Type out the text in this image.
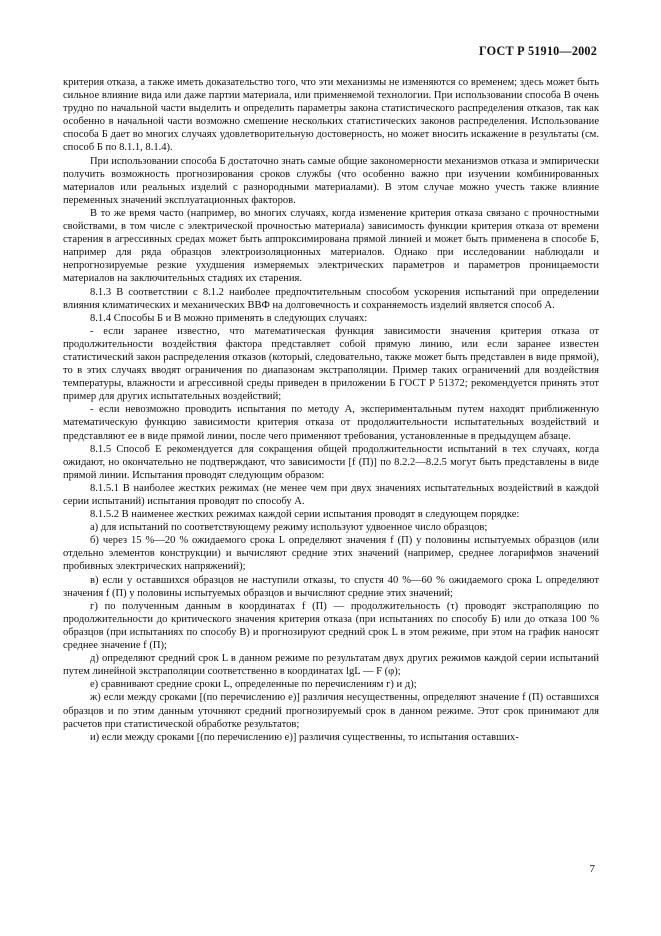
ГОСТ Р 51910—2002

критерия отказа, а также иметь доказательство того, что эти механизмы не изменяются со временем; здесь может быть сильное влияние вида или даже партии материала, или применяемой технологии. При использовании способа В очень трудно по начальной части выделить и определить параметры закона статистического распределения отказов, так как особенно в начальной части возможно смешение нескольких статистических законов распределения. Использование способа Б дает во многих случаях удовлетворительную достоверность, но может вносить искажение в результаты (см. способ Б по 8.1.1, 8.1.4).

При использовании способа Б достаточно знать самые общие закономерности механизмов отказа и эмпирически получить возможность прогнозирования сроков службы (что особенно важно при изучении комбинированных материалов или реальных изделий с разнородными материалами). В этом случае можно учесть также влияние переменных значений эксплуатационных факторов.

В то же время часто (например, во многих случаях, когда изменение критерия отказа связано с прочностными свойствами, в том числе с электрической прочностью материала) зависимость функции критерия отказа от времени старения в агрессивных средах может быть аппроксимирована прямой линией и может быть применена в способе Б, например для ряда образцов электроизоляционных материалов. Однако при исследовании наблюдали и непрогнозируемые резкие ухудшения измеряемых электрических параметров и параметров проницаемости материалов на заключительных стадиях их старения.

8.1.3 В соответствии с 8.1.2 наиболее предпочтительным способом ускорения испытаний при определении влияния климатических и механических ВВФ на долговечность и сохраняемость изделий является способ А.

8.1.4 Способы Б и В можно применять в следующих случаях:

- если заранее известно, что математическая функция зависимости значения критерия отказа от продолжительности воздействия фактора представляет собой прямую линию, или если заранее известен статистический закон распределения отказов (который, следовательно, также может быть представлен в виде прямой), то в этих случаях вводят ограничения по диапазонам экстраполяции. Пример таких ограничений для воздействия температуры, влажности и агрессивной среды приведен в приложении Б ГОСТ Р 51372; рекомендуется принять этот пример для других испытательных воздействий;

- если невозможно проводить испытания по методу А, экспериментальным путем находят приближенную математическую функцию зависимости критерия отказа от продолжительности испытательных воздействий и представляют ее в виде прямой линии, после чего применяют требования, установленные в предыдущем абзаце.

8.1.5 Способ Е рекомендуется для сокращения общей продолжительности испытаний в тех случаях, когда ожидают, но окончательно не подтверждают, что зависимости [f (П)] по 8.2.2—8.2.5 могут быть представлены в виде прямой линии. Испытания проводят следующим образом:

8.1.5.1 В наиболее жестких режимах (не менее чем при двух значениях испытательных воздействий в каждой серии испытаний) испытания проводят по способу А.

8.1.5.2 В наименее жестких режимах каждой серии испытания проводят в следующем порядке:

а) для испытаний по соответствующему режиму используют удвоенное число образцов;

б) через 15 %—20 % ожидаемого срока L определяют значения f (П) у половины испытуемых образцов (или отдельно элементов конструкции) и вычисляют средние этих значений (например, среднее логарифмов значений пробивных электрических напряжений);

в) если у оставшихся образцов не наступили отказы, то спустя 40 %—60 % ожидаемого срока L определяют значения f (П) у половины испытуемых образцов и вычисляют средние этих значений;

г) по полученным данным в координатах f (П) — продолжительность (τ) проводят экстраполяцию по продолжительности до критического значения критерия отказа (при испытаниях по способу Б) или до отказа 100 % образцов (при испытаниях по способу В) и прогнозируют средний срок L в этом режиме, при этом на график наносят среднее значение f (П);

д) определяют средний срок L в данном режиме по результатам двух других режимов каждой серии испытаний путем линейной экстраполяции соответственно в координатах lgL — F (φ);

е) сравнивают средние сроки L, определенные по перечислениям г) и д);

ж) если между сроками [(по перечислению е)] различия несущественны, определяют значение f (П) оставшихся образцов и по этим данным уточняют средний прогнозируемый срок в данном режиме. Этот срок принимают для расчетов при статистической обработке результатов;

и) если между сроками [(по перечислению е)] различия существенны, то испытания оставших-

7
